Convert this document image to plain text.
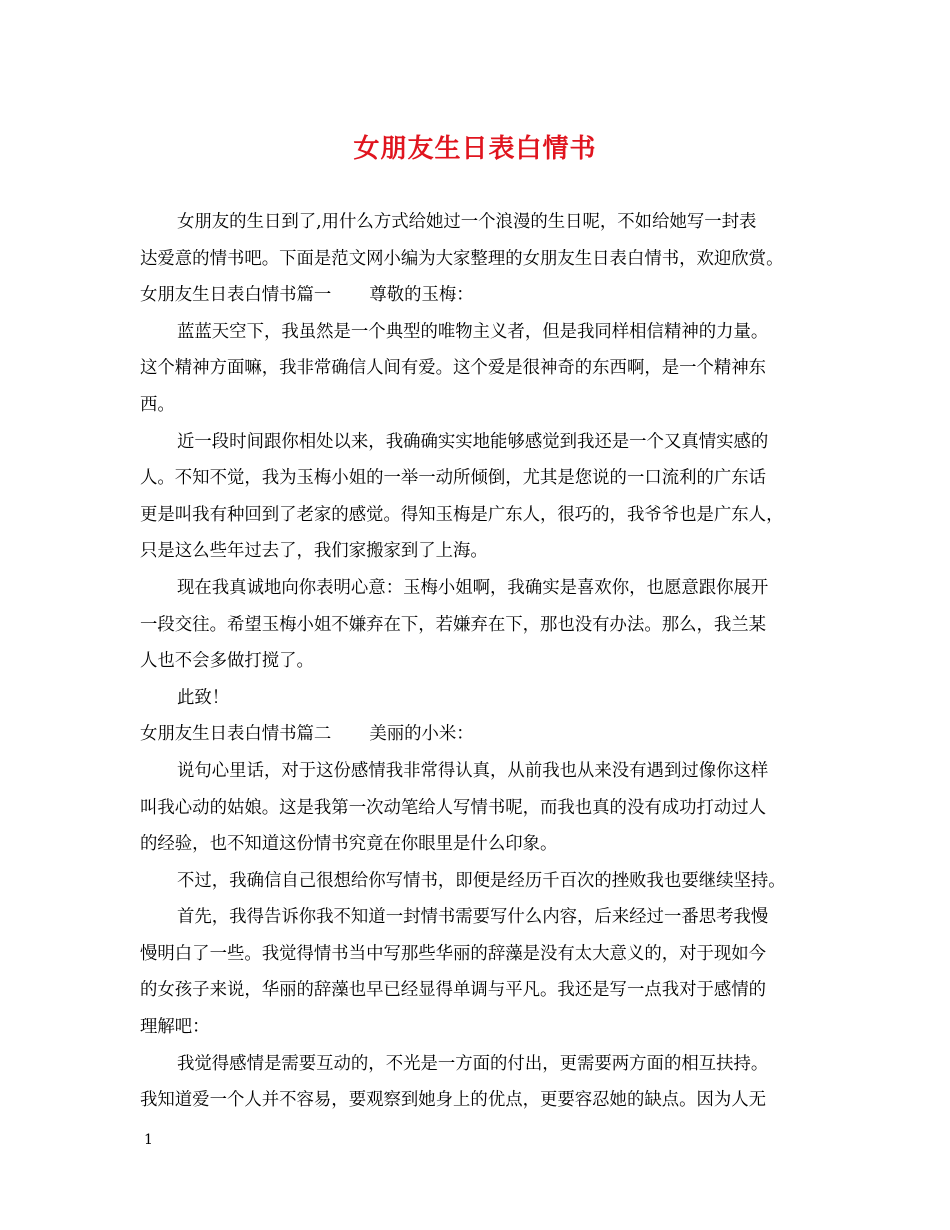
女朋友生日表白情书
女朋友的生日到了,用什么方式给她过一个浪漫的生日呢，不如给她写一封表
达爱意的情书吧。下面是范文网小编为大家整理的女朋友生日表白情书，欢迎欣赏。
女朋友生日表白情书篇一 尊敬的玉梅：
蓝蓝天空下，我虽然是一个典型的唯物主义者，但是我同样相信精神的力量。
这个精神方面嘛，我非常确信人间有爱。这个爱是很神奇的东西啊，是一个精神东
西。
近一段时间跟你相处以来，我确确实实地能够感觉到我还是一个又真情实感的
人。不知不觉，我为玉梅小姐的一举一动所倾倒，尤其是您说的一口流利的广东话
更是叫我有种回到了老家的感觉。得知玉梅是广东人，很巧的，我爷爷也是广东人，
只是这么些年过去了，我们家搬家到了上海。
现在我真诚地向你表明心意：玉梅小姐啊，我确实是喜欢你，也愿意跟你展开
一段交往。希望玉梅小姐不嫌弃在下，若嫌弃在下，那也没有办法。那么，我兰某
人也不会多做打搅了。
此致！
女朋友生日表白情书篇二 美丽的小米：
说句心里话，对于这份感情我非常得认真，从前我也从来没有遇到过像你这样
叫我心动的姑娘。这是我第一次动笔给人写情书呢，而我也真的没有成功打动过人
的经验，也不知道这份情书究竟在你眼里是什么印象。
不过，我确信自己很想给你写情书，即便是经历千百次的挫败我也要继续坚持。
首先，我得告诉你我不知道一封情书需要写什么内容，后来经过一番思考我慢
慢明白了一些。我觉得情书当中写那些华丽的辞藻是没有太大意义的，对于现如今
的女孩子来说，华丽的辞藻也早已经显得单调与平凡。我还是写一点我对于感情的
理解吧：
我觉得感情是需要互动的，不光是一方面的付出，更需要两方面的相互扶持。
我知道爱一个人并不容易，要观察到她身上的优点，更要容忍她的缺点。因为人无
1
